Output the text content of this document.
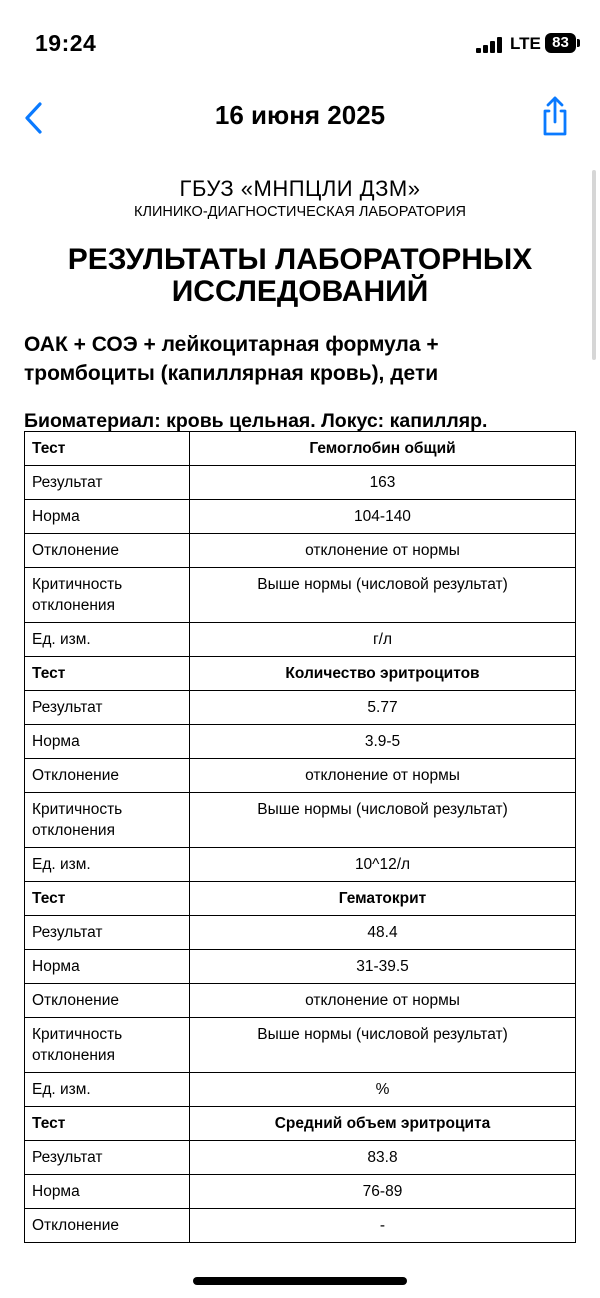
19:24	LTE 83
16 июня 2025
ГБУЗ «МНПЦЛИ ДЗМ»
КЛИНИКО-ДИАГНОСТИЧЕСКАЯ ЛАБОРАТОРИЯ
РЕЗУЛЬТАТЫ ЛАБОРАТОРНЫХ
ИССЛЕДОВАНИЙ
ОАК + СОЭ + лейкоцитарная формула +
тромбоциты (капиллярная кровь), дети
Биоматериал: кровь цельная. Локус: капилляр.
Тест	Гемоглобин общий
Результат	163
Норма	104-140
Отклонение	отклонение от нормы
Критичность
отклонения	Выше нормы (числовой результат)
Ед. изм.	г/л
Тест	Количество эритроцитов
Результат	5.77
Норма	3.9-5
Отклонение	отклонение от нормы
Критичность
отклонения	Выше нормы (числовой результат)
Ед. изм.	10^12/л
Тест	Гематокрит
Результат	48.4
Норма	31-39.5
Отклонение	отклонение от нормы
Критичность
отклонения	Выше нормы (числовой результат)
Ед. изм.	%
Тест	Средний объем эритроцита
Результат	83.8
Норма	76-89
Отклонение	-
